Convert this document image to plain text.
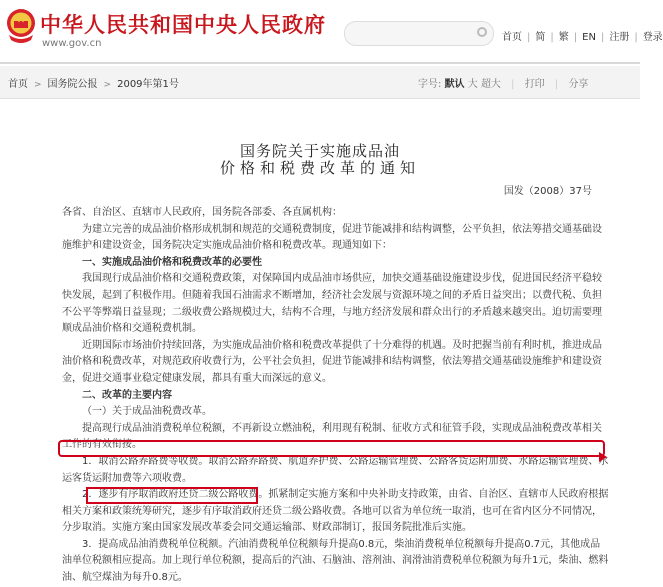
中华人民共和国中央人民政府
www.gov.cn
首页 | 简 | 繁 | EN | 注册 | 登录
首页 > 国务院公报 > 2009年第1号	字号: 默认 大 超大 | 打印 | 分享
国务院关于实施成品油
价格和税费改革的通知
国发（2008）37号

各省、自治区、直辖市人民政府，国务院各部委、各直属机构：

为建立完善的成品油价格形成机制和规范的交通税费制度，促进节能减排和结构调整，公平负担，依法筹措交通基础设施维护和建设资金，国务院决定实施成品油价格和税费改革。现通知如下：

一、实施成品油价格和税费改革的必要性

我国现行成品油价格和交通税费政策，对保障国内成品油市场供应，加快交通基础设施建设步伐，促进国民经济平稳较快发展，起到了积极作用。但随着我国石油需求不断增加，经济社会发展与资源环境之间的矛盾日益突出；以费代税、负担不公平等弊端日益显现；二级收费公路规模过大，结构不合理，与地方经济发展和群众出行的矛盾越来越突出。迫切需要理顺成品油价格和交通税费机制。

近期国际市场油价持续回落，为实施成品油价格和税费改革提供了十分难得的机遇。及时把握当前有利时机，推进成品油价格和税费改革，对规范政府收费行为，公平社会负担，促进节能减排和结构调整，依法筹措交通基础设施维护和建设资金，促进交通事业稳定健康发展，都具有重大而深远的意义。

二、改革的主要内容

（一）关于成品油税费改革。

提高现行成品油消费税单位税额，不再新设立燃油税，利用现有税制、征收方式和征管手段，实现成品油税费改革相关工作的有效衔接。

1．取消公路养路费等收费。取消公路养路费、航道养护费、公路运输管理费、公路客货运附加费、水路运输管理费、水运客货运附加费等六项收费。

2．逐步有序取消政府还贷二级公路收费。抓紧制定实施方案和中央补助支持政策，由省、自治区、直辖市人民政府根据相关方案和政策统筹研究，逐步有序取消政府还贷二级公路收费。各地可以省为单位统一取消，也可在省内区分不同情况，分步取消。实施方案由国家发展改革委会同交通运输部、财政部制订，报国务院批准后实施。

3．提高成品油消费税单位税额。汽油消费税单位税额每升提高0.8元，柴油消费税单位税额每升提高0.7元，其他成品油单位税额相应提高。加上现行单位税额，提高后的汽油、石脑油、溶剂油、润滑油消费税单位税额为每升1元，柴油、燃料油、航空煤油为每升0.8元。
